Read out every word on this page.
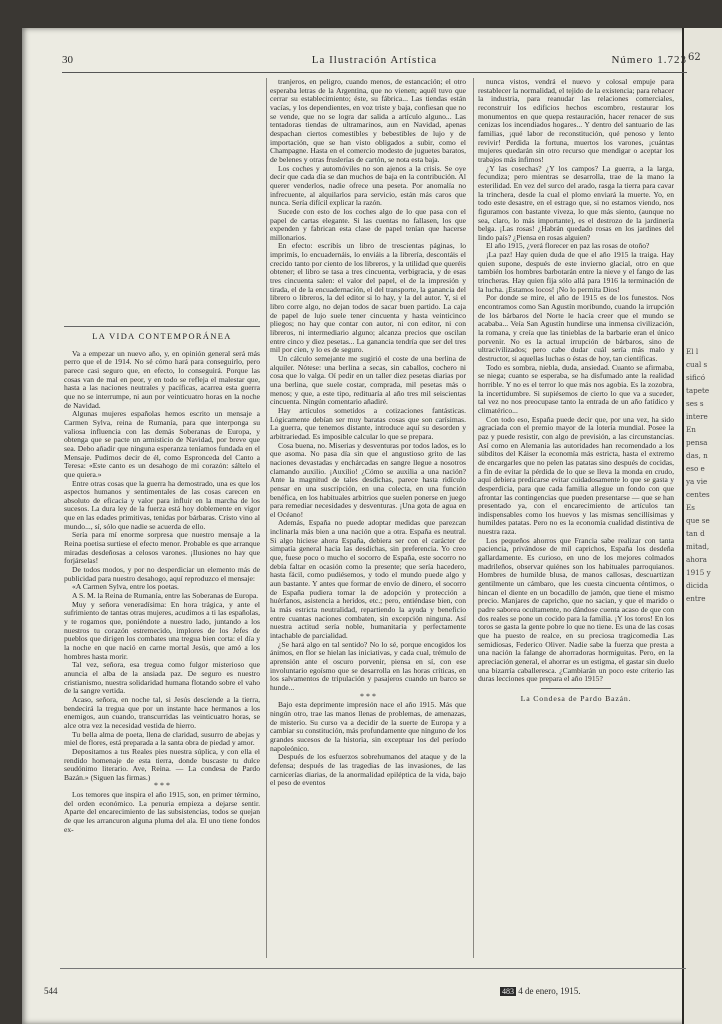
62
El l
cual s
sificó
tapete
ses s
intere
En
pensa
das, n
eso e
ya vie
centes
Es
que se
tan d
mitad,
ahora
1915 y
dicida
entre
30	La Ilustración Artística	Número 1.723
LA VIDA CONTEMPORÁNEA

Va a empezar un nuevo año, y, en opinión general será más perro que el de 1914. No sé cómo hará para conseguirlo, pero parece casi seguro que, en efecto, lo conseguirá. Porque las cosas van de mal en peor, y en todo se refleja el malestar que, hasta a las naciones neutrales y pacíficas, acarrea esta guerra que no se interrumpe, ni aun por veinticuatro horas en la noche de Navidad.

Algunas mujeres españolas hemos escrito un mensaje a Carmen Sylva, reina de Rumanía, para que interponga su valiosa influencia con las demás Soberanas de Europa, y obtenga que se pacte un armisticio de Navidad, por breve que sea. Debo añadir que ninguna esperanza teníamos fundada en el Mensaje. Pudimos decir de él, como Espronceda del Canto a Teresa: «Este canto es un desahogo de mi corazón: sáltelo el que quiera.»

Entre otras cosas que la guerra ha demostrado, una es que los aspectos humanos y sentimentales de las cosas carecen en absoluto de eficacia y valor para influir en la marcha de los sucesos. La dura ley de la fuerza está hoy doblemente en vigor que en las edades primitivas, tenidas por bárbaras. Cristo vino al mundo..., sí, sólo que nadie se acuerda de ello.

Sería para mí enorme sorpresa que nuestro mensaje a la Reina poetisa surtiese el efecto menor. Probable es que arranque miradas desdeñosas a celosos varones. ¡Ilusiones no hay que forjárselas!

De todos modos, y por no desperdiciar un elemento más de publicidad para nuestro desahogo, aquí reproduzco el mensaje:

«A Carmen Sylva, entre los poetas.

A S. M. la Reina de Rumanía, entre las Soberanas de Europa.

Muy y señora veneradísima: En hora trágica, y ante el sufrimiento de tantas otras mujeres, acudimos a ti las españolas, y te rogamos que, poniéndote a nuestro lado, juntando a los nuestros tu corazón estremecido, implores de los Jefes de pueblos que dirigen los combates una tregua bien corta: el día y la noche en que nació en carne mortal Jesús, que amó a los hombres hasta morir.

Tal vez, señora, esa tregua como fulgor misterioso que anuncia el alba de la ansiada paz. De seguro es nuestro cristianismo, nuestra solidaridad humana flotando sobre el vaho de la sangre vertida.

Acaso, señora, en noche tal, si Jesús desciende a la tierra, bendecirá la tregua que por un instante hace hermanos a los enemigos, aun cuando, transcurridas las veinticuatro horas, se alce otra vez la necesidad vestida de hierro.

Tu bella alma de poeta, llena de claridad, susurro de abejas y miel de flores, está preparada a la santa obra de piedad y amor.

Depositamos a tus Reales pies nuestra súplica, y con ella el rendido homenaje de esta tierra, donde buscaste tu dulce seudónimo literario. Ave, Reina. — La condesa de Pardo Bazán.» (Siguen las firmas.)

* * *

Los temores que inspira el año 1915, son, en primer término, del orden económico. La penuria empieza a dejarse sentir. Aparte del encarecimiento de las subsistencias, todos se quejan de que les arrancuron alguna pluma del ala. El uno tiene fondos ex-

tranjeros, en peligro, cuando menos, de estancación; el otro esperaba letras de la Argentina, que no vienen; aquél tuvo que cerrar su establecimiento; éste, su fábrica... Las tiendas están vacías, y los dependientes, en voz triste y baja, confiesan que no se vende, que no se logra dar salida a artículo alguno... Las tentadoras tiendas de ultramarinos, aun en Navidad, apenas despachan ciertos comestibles y bebestibles de lujo y de importación, que se han visto obligados a subir, como el Champagne. Hasta en el comercio modesto de juguetes baratos, de belenes y otras fruslerías de cartón, se nota esta baja.

Los coches y automóviles no son ajenos a la crisis. Se oye decir que cada día se dan muchos de baja en la contribución. Al querer venderlos, nadie ofrece una peseta. Por anomalía no infrecuente, al alquilarlos para servicio, están más caros que nunca. Sería difícil explicar la razón.

Sucede con esto de los coches algo de lo que pasa con el papel de cartas elegante. Si las cuentas no fallasen, los que expenden y fabrican esta clase de papel tenían que hacerse millonarios.

En efecto: escribís un libro de trescientas páginas, lo imprimís, lo encuadernáis, lo enviáis a la librería, descontáis el crecido tanto por ciento de los libreros, y la utilidad que queréis obtener; el libro se tasa a tres cincuenta, verbigracia, y de esas tres cincuenta salen: el valor del papel, el de la impresión y tirada, el de la encuadernación, el del transporte, la ganancia del librero o libreros, la del editor si lo hay, y la del autor. Y, si el libro corre algo, no dejan todos de sacar buen partido. La caja de papel de lujo suele tener cincuenta y hasta veinticinco pliegos; no hay que contar con autor, ni con editor, ni con libreros, ni intermediario alguno; alcanza precios que oscilan entre cinco y diez pesetas... La ganancia tendría que ser del tres mil por cien, y lo es de seguro.

Un cálculo semejante me sugirió el coste de una berlina de alquiler. Nótese: una berlina a secas, sin caballos, cochero ni cosa que lo valga. Oí pedir en un taller diez pesetas diarias por una berlina, que suele costar, comprada, mil pesetas más o menos; y que, a este tipo, redituaría al año tres mil seiscientas cincuenta. Ningún comentario añadiré.

Hay artículos sometidos a cotizaciones fantásticas. Lógicamente debían ser muy baratas cosas que son carísimas. La guerra, que tenemos distante, introduce aquí su desorden y arbitrariedad. Es imposible calcular lo que se prepara.

Cosa buena, no. Miserias y desventuras por todos lados, es lo que asoma. No pasa día sin que el angustioso grito de las naciones devastadas y enchárcadas en sangre llegue a nosotros clamando auxilio. ¡Auxilio! ¿Cómo se auxilia a una nación? Ante la magnitud de tales desdichas, parece hasta ridículo pensar en una suscripción, en una colecta, en una función benéfica, en los habituales arbitrios que suelen ponerse en juego para remediar necesidades y desventuras. ¡Una gota de agua en el Océano!

Además, España no puede adoptar medidas que parezcan inclinarla más bien a una nación que a otra. España es neutral. Si algo hiciese ahora España, debiera ser con el carácter de simpatía general hacia las desdichas, sin preferencia. Yo creo que, fuese poco o mucho el socorro de España, este socorro no debía faltar en ocasión como la presente; que sería hacedero, hasta fácil, como pudiésemos, y todo el mundo puede algo y aun bastante. Y antes que formar de envío de dinero, el socorro de España pudiera tomar la de adopción y protección a huérfanos, asistencia a heridos, etc.; pero, entiéndase bien, con la más estricta neutralidad, repartiendo la ayuda y beneficio entre cuantas naciones combaten, sin excepción ninguna. Así nuestra actitud sería noble, humanitaria y perfectamente intachable de parcialidad.

¿Se hará algo en tal sentido? No lo sé, porque encogidos los ánimos, en flor se hielan las iniciativas, y cada cual, trémulo de aprensión ante el oscuro porvenir, piensa en sí, con ese involuntario egoísmo que se desarrolla en las horas críticas, en los salvamentos de tripulación y pasajeros cuando un barco se hunde...

* * *

Bajo esta deprimente impresión nace el año 1915. Más que ningún otro, trae las manos llenas de problemas, de amenazas, de misterio. Su curso va a decidir de la suerte de Europa y a cambiar su constitución, más profundamente que ninguno de los grandes sucesos de la historia, sin exceptuar los del período napoleónico.

Después de los esfuerzos sobrehumanos del ataque y de la defensa; después de las tragedias de las invasiones, de las carnicerías diarias, de la anormalidad epiléptica de la vida, bajo el peso de eventos

nunca vistos, vendrá el nuevo y colosal empuje para restablecer la normalidad, el tejido de la existencia; para rehacer la industria, para reanudar las relaciones comerciales, reconstruir los edificios hechos escombro, restaurar los monumentos en que quepa restauración, hacer renacer de sus cenizas los incendiados hogares... Y dentro del santuario de las familias, ¡qué labor de reconstitución, qué penoso y lento revivir! Perdida la fortuna, muertos los varones, ¡cuántas mujeres quedarán sin otro recurso que mendigar o aceptar los trabajos más ínfimos!

¿Y las cosechas? ¿Y los campos? La guerra, a la larga, fecundiza; pero mientras se desarrolla, trae de la mano la esterilidad. En vez del surco del arado, rasga la tierra para cavar la trinchera, desde la cual el plomo enviará la muerte. Yo, en todo este desastre, en el estrago que, si no estamos viendo, nos figuramos con bastante viveza, lo que más siento, (aunque no sea, claro, lo más importante), es el destrozo de la jardinería belga. ¡Las rosas! ¿Habrán quedado rosas en los jardines del lindo país? ¿Piensa en rosas alguien?

El año 1915, ¿verá florecer en paz las rosas de otoño?

¡La paz! Hay quien duda de que el año 1915 la traiga. Hay quien supone, después de este invierno glacial, otro en que también los hombres barbotarán entre la nieve y el fango de las trincheras. Hay quien fija sólo allá para 1916 la terminación de la lucha. ¡Estamos locos! ¡No lo permita Dios!

Por donde se mire, el año de 1915 es de los funestos. Nos encontramos como San Agustín moribundo, cuando la irrupción de los bárbaros del Norte le hacía creer que el mundo se acababa... Veía San Agustín hundirse una inmensa civilización, la romana, y creía que las tinieblas de la barbarie eran el único porvenir. No es la actual irrupción de bárbaros, sino de ultracivilizados; pero cabe dudar cuál sería más malo y destructor, si aquellas luchas o éstas de hoy, tan científicas.

Todo es sombra, niebla, duda, ansiedad. Cuanto se afirmaba, se niega; cuanto se esperaba, se ha disfumado ante la realidad horrible. Y no es el terror lo que más nos agobia. Es la zozobra, la incertidumbre. Si supiésemos de cierto lo que va a suceder, tal vez no nos preocupase tanto la entrada de un año fatídico y climatérico...

Con todo eso, España puede decir que, por una vez, ha sido agraciada con el premio mayor de la lotería mundial. Posee la paz y puede resistir, con algo de previsión, a las circunstancias. Así como en Alemania las autoridades han recomendado a los súbditos del Káiser la economía más estricta, hasta el extremo de encargarles que no pelen las patatas sino después de cocidas, a fin de evitar la pérdida de lo que se lleva la monda en crudo, aquí debiera predicarse evitar cuidadosamente lo que se gasta y desperdicia, para que cada familia allegue un fondo con que afrontar las contingencias que pueden presentarse — que se han presentado ya, con el encarecimiento de artículos tan indispensables como los huevos y las mismas sencillísimas y humildes patatas. Pero no es la economía cualidad distintiva de nuestra raza.

Los pequeños ahorros que Francia sabe realizar con tanta paciencia, privándose de mil caprichos, España los desdeña gallardamente. Es curioso, en uno de los mejores colmados madrileños, observar quiénes son los habituales parroquianos. Hombres de humilde blusa, de manos callosas, descuartizan gentilmente un cámbaro, que les cuesta cincuenta céntimos, o hincan el diente en un bocadillo de jamón, que tiene el mismo precio. Manjares de capricho, que no sacian, y que el marido o padre saborea ocultamente, no dándose cuenta acaso de que con dos reales se pone un cocido para la familia. ¡Y los toros! En los toros se gasta la gente pobre lo que no tiene. Es una de las cosas que ha puesto de realce, en su preciosa tragicomedia Las semidiosas, Federico Oliver. Nadie sabe la fuerza que presta a una nación la falange de ahorradoras hormiguitas. Pero, en la apreciación general, el ahorrar es un estigma, el gastar sin duelo una bizarría caballeresca. ¿Cambiarán un poco este criterio las duras lecciones que prepara el año 1915?

La Condesa de Pardo Bazán.

544	483 4 de enero, 1915.
